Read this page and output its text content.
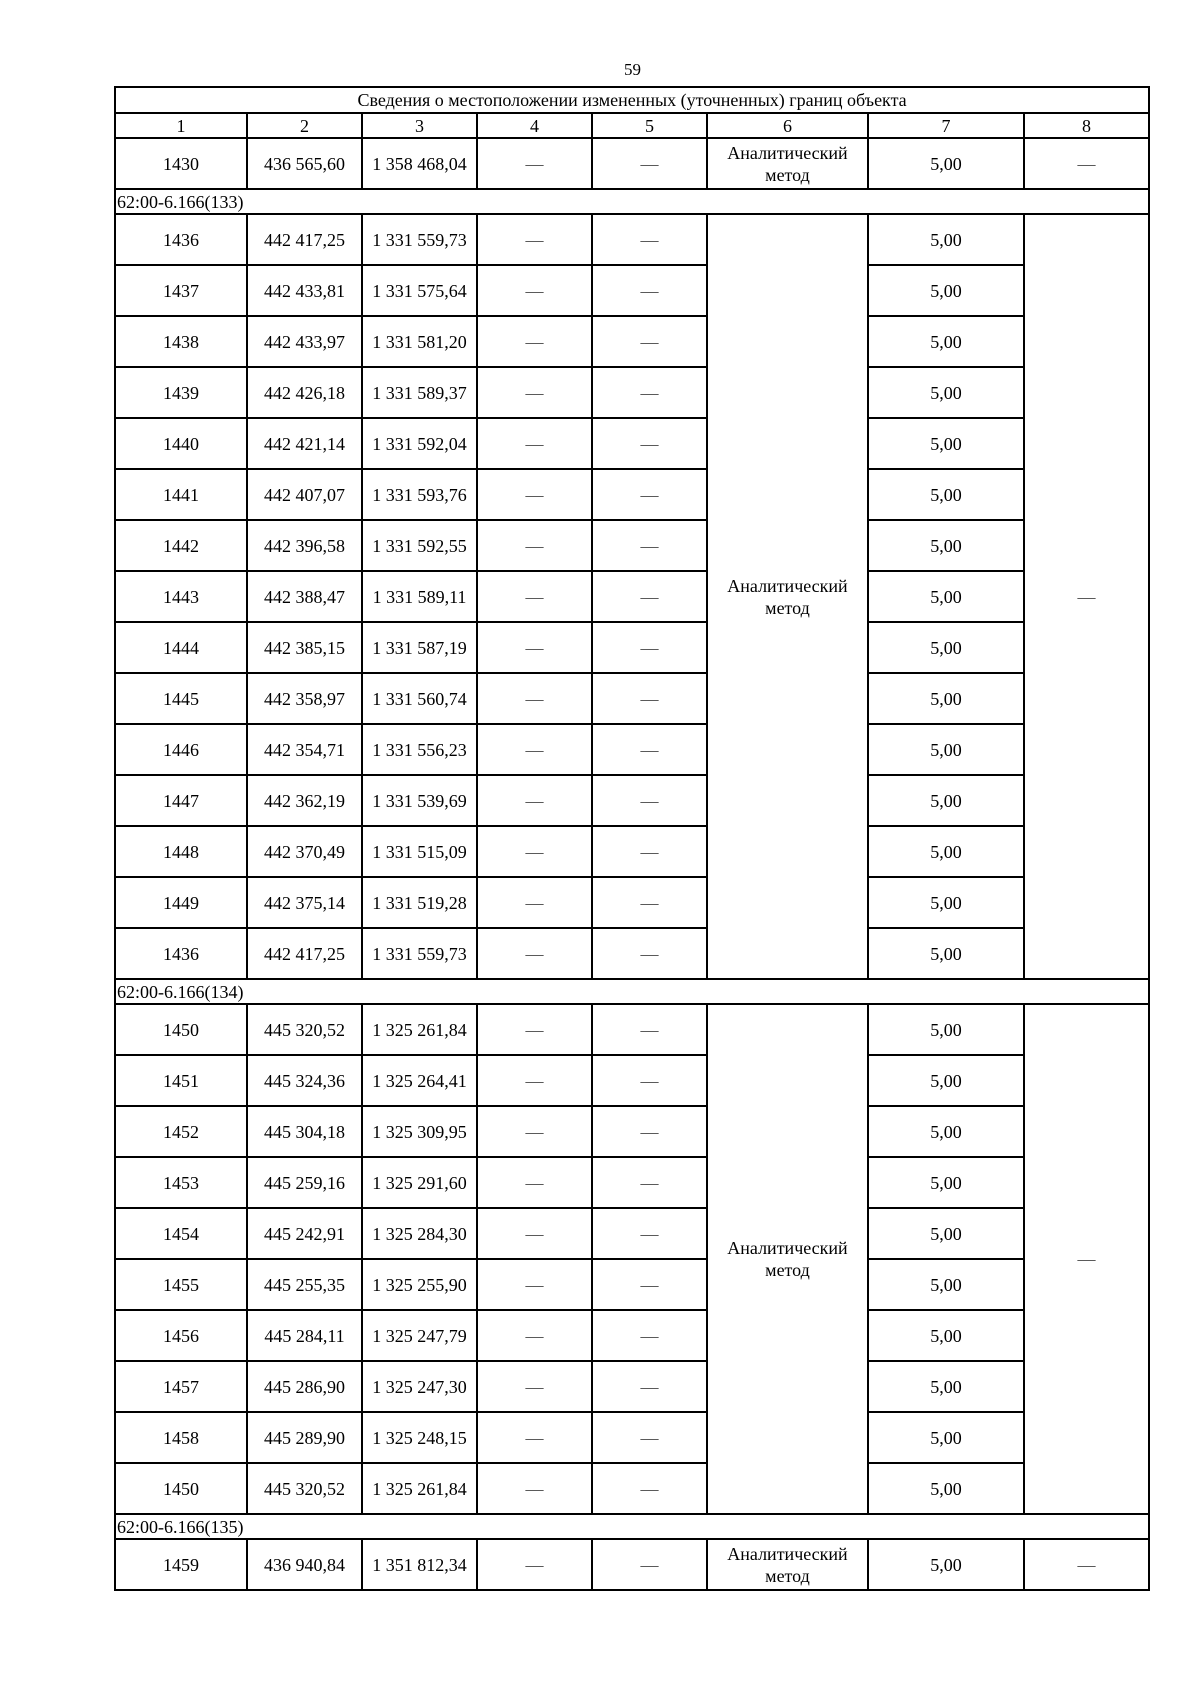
59
Сведения о местоположении измененных (уточненных) границ объекта							
1	2	3	4	5	6	7	8
1430	436 565,60	1 358 468,04	—	—	Аналитический метод	5,00	—
62:00-6.166(133)							
1436	442 417,25	1 331 559,73	—	—	Аналитический метод	5,00	—
1437	442 433,81	1 331 575,64	—	—		5,00	
1438	442 433,97	1 331 581,20	—	—		5,00	
1439	442 426,18	1 331 589,37	—	—		5,00	
1440	442 421,14	1 331 592,04	—	—		5,00	
1441	442 407,07	1 331 593,76	—	—		5,00	
1442	442 396,58	1 331 592,55	—	—		5,00	
1443	442 388,47	1 331 589,11	—	—		5,00	
1444	442 385,15	1 331 587,19	—	—		5,00	
1445	442 358,97	1 331 560,74	—	—		5,00	
1446	442 354,71	1 331 556,23	—	—		5,00	
1447	442 362,19	1 331 539,69	—	—		5,00	
1448	442 370,49	1 331 515,09	—	—		5,00	
1449	442 375,14	1 331 519,28	—	—		5,00	
1436	442 417,25	1 331 559,73	—	—		5,00	
62:00-6.166(134)							
1450	445 320,52	1 325 261,84	—	—	Аналитический метод	5,00	—
1451	445 324,36	1 325 264,41	—	—		5,00	
1452	445 304,18	1 325 309,95	—	—		5,00	
1453	445 259,16	1 325 291,60	—	—		5,00	
1454	445 242,91	1 325 284,30	—	—		5,00	
1455	445 255,35	1 325 255,90	—	—		5,00	
1456	445 284,11	1 325 247,79	—	—		5,00	
1457	445 286,90	1 325 247,30	—	—		5,00	
1458	445 289,90	1 325 248,15	—	—		5,00	
1450	445 320,52	1 325 261,84	—	—		5,00	
62:00-6.166(135)							
1459	436 940,84	1 351 812,34	—	—	Аналитический метод	5,00	—
